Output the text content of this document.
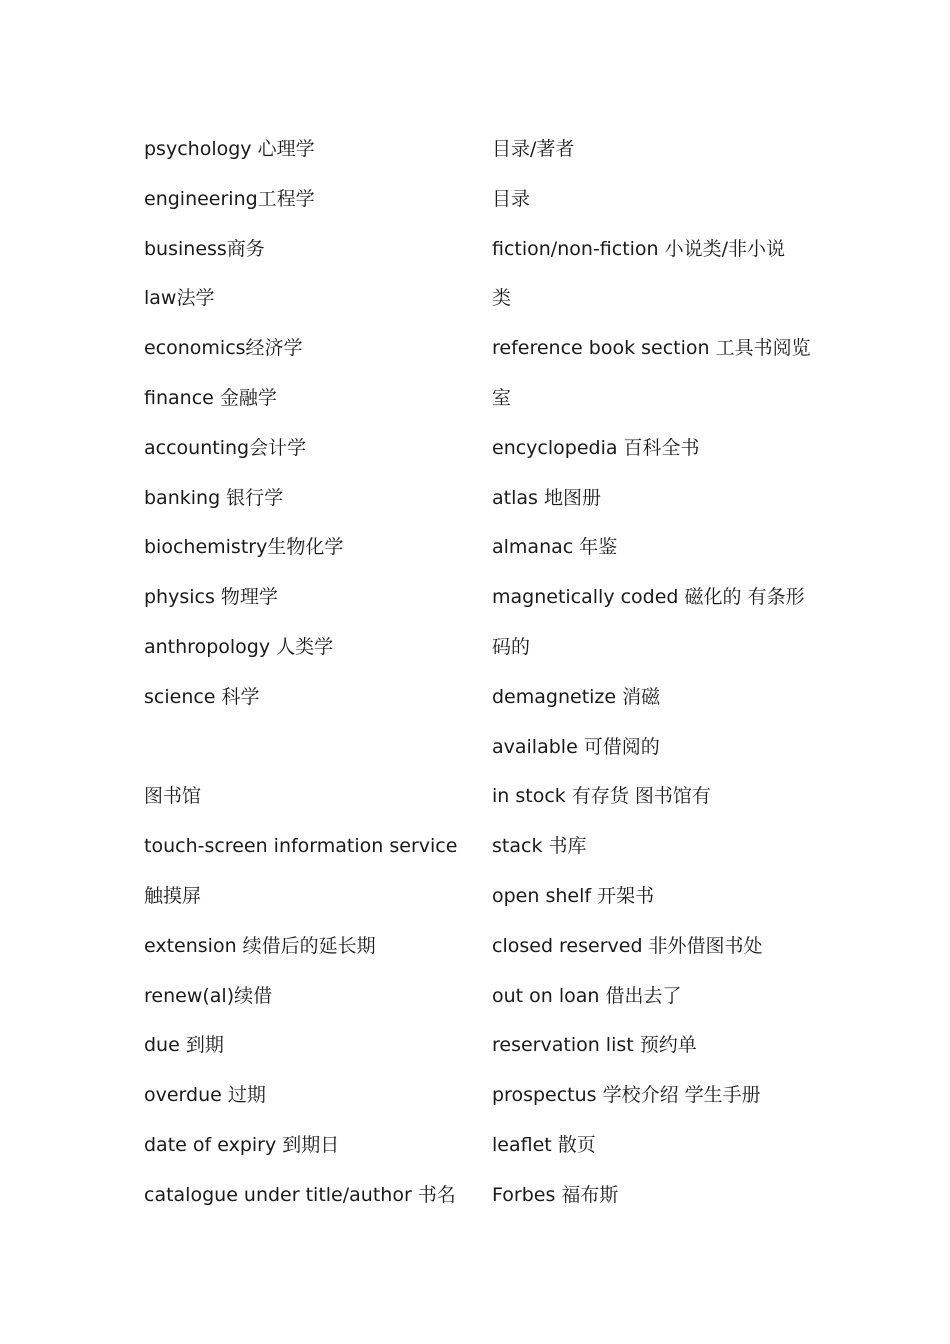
psychology 心理学
engineering工程学
business商务
law法学
economics经济学
finance 金融学
accounting会计学
banking 银行学
biochemistry生物化学
physics 物理学
anthropology 人类学
science 科学
图书馆
touch-screen information service
触摸屏
extension 续借后的延长期
renew(al)续借
due 到期
overdue 过期
date of expiry 到期日
catalogue under title/author 书名
目录/著者
目录
fiction/non-fiction 小说类/非小说
类
reference book section 工具书阅览
室
encyclopedia 百科全书
atlas 地图册
almanac 年鉴
magnetically coded 磁化的 有条形
码的
demagnetize 消磁
available 可借阅的
in stock 有存货 图书馆有
stack 书库
open shelf 开架书
closed reserved 非外借图书处
out on loan 借出去了
reservation list 预约单
prospectus 学校介绍 学生手册
leaflet 散页
Forbes 福布斯
